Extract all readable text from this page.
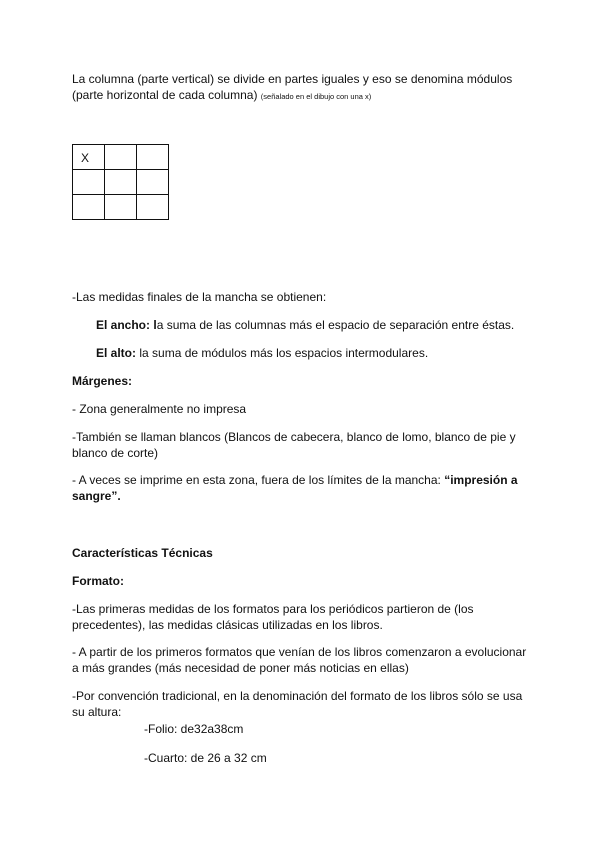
La columna (parte vertical) se divide en partes iguales y eso se denomina módulos
(parte horizontal de cada columna) (señalado en el dibujo con una x)

X		

-Las medidas finales de la mancha se obtienen:

El ancho: la suma de las columnas más el espacio de separación entre éstas.

El alto: la suma de módulos más los espacios intermodulares.

Márgenes:

- Zona generalmente no impresa

-También se llaman blancos (Blancos de cabecera, blanco de lomo, blanco de pie y blanco de corte)

- A veces se imprime en esta zona, fuera de los límites de la mancha: “impresión a sangre”.

Características Técnicas

Formato:

-Las primeras medidas de los formatos para los periódicos partieron de (los precedentes), las medidas clásicas utilizadas en los libros.

- A partir de los primeros formatos que venían de los libros comenzaron a evolucionar a más grandes (más necesidad de poner más noticias en ellas)

-Por convención tradicional, en la denominación del formato de los libros sólo se usa su altura:

-Folio: de32a38cm

-Cuarto: de 26 a 32 cm
